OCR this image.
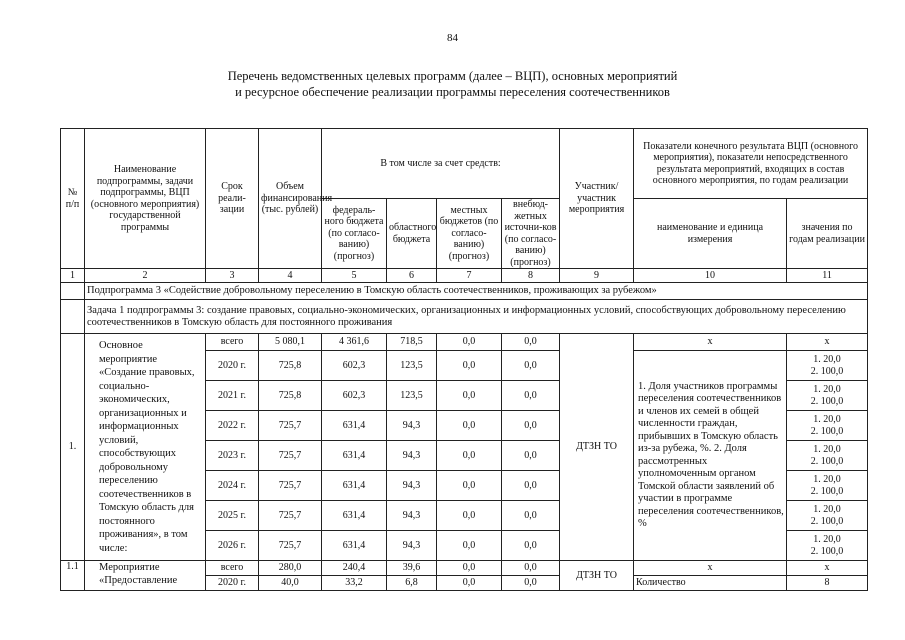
84
Перечень ведомственных целевых программ (далее – ВЦП), основных мероприятий
и ресурсное обеспечение реализации программы переселения соотечественников
№ п/п	Наименование подпрограммы, задачи подпрограммы, ВЦП (основного мероприятия) государственной программы	Срок реали-зации	Объем финансирования (тыс. рублей)	В том числе за счет средств:				Участник/ участник мероприятия	Показатели конечного результата ВЦП (основного мероприятия), показатели непосредственного результата мероприятий, входящих в состав основного мероприятия, по годам реализации	
				федераль-ного бюджета (по согласо-ванию) (прогноз)	областного бюджета	местных бюджетов (по согласо-ванию) (прогноз)	внебюд-жетных источни-ков (по согласо-ванию) (прогноз)		наименование и единица измерения	значения по годам реализации
1	2	3	4	5	6	7	8	9	10	11
	Подпрограмма 3 «Содействие добровольному переселению в Томскую область соотечественников, проживающих за рубежом»									
	Задача 1 подпрограммы 3: создание правовых, социально-экономических, организационных и информационных условий, способствующих добровольному переселению соотечественников в Томскую область для постоянного проживания									
1.	Основное мероприятие «Создание правовых, социально-экономических, организационных и информационных условий, способствующих добровольному переселению соотечественников в Томскую область для постоянного проживания», в том числе:	всего	5 080,1	4 361,6	718,5	0,0	0,0	ДТЗН ТО	х	х
		2020 г.	725,8	602,3	123,5	0,0	0,0		1. Доля участников программы переселения соотечественников и членов их семей в общей численности граждан, прибывших в Томскую область из-за рубежа, %. 2. Доля рассмотренных уполномоченным органом Томской области заявлений об участии в программе переселения соотечественников, %	1. 20,0
2. 100,0

		2021 г.	725,8	602,3	123,5	0,0	0,0			1. 20,0
2. 100,0

		2022 г.	725,7	631,4	94,3	0,0	0,0			1. 20,0
2. 100,0

		2023 г.	725,7	631,4	94,3	0,0	0,0			1. 20,0
2. 100,0

		2024 г.	725,7	631,4	94,3	0,0	0,0			1. 20,0
2. 100,0

		2025 г.	725,7	631,4	94,3	0,0	0,0			1. 20,0
2. 100,0

		2026 г.	725,7	631,4	94,3	0,0	0,0			1. 20,0
2. 100,0

1.1	Мероприятие «Предоставление	всего	280,0	240,4	39,6	0,0	0,0	ДТЗН ТО	х	х
		2020 г.	40,0	33,2	6,8	0,0	0,0		Количество	8
